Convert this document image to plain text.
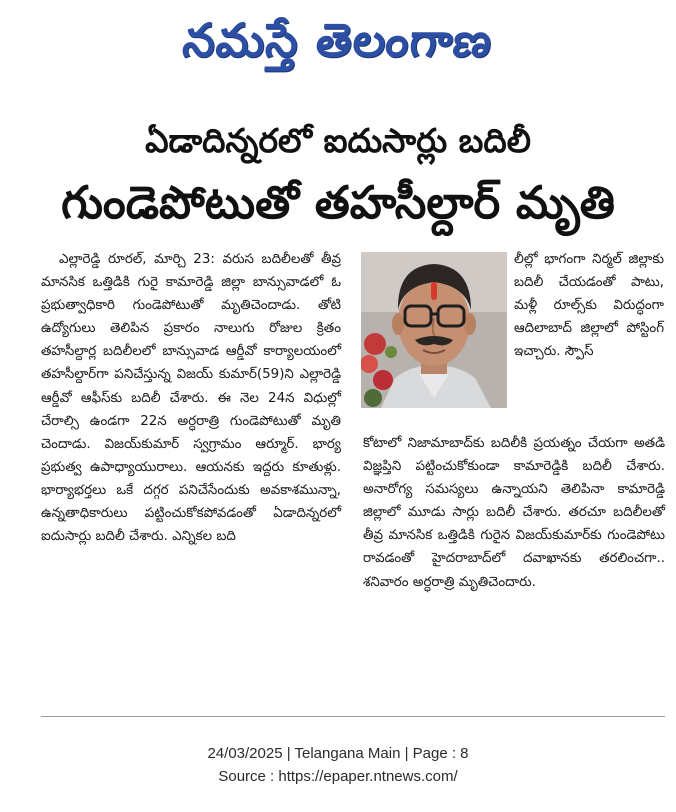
నమస్తే తెలంగాణ
ఏడాదిన్నరలో ఐదుసార్లు బదిలీ
గుండెపోటుతో తహసీల్దార్ మృతి

ఎల్లారెడ్డి రూరల్, మార్చి 23: వరుస బదిలీలతో తీవ్ర మానసిక ఒత్తిడికి గురై కామారెడ్డి జిల్లా బాన్సువాడలో ఓ ప్రభుత్వాధికారి గుండెపోటుతో మృతిచెందాడు. తోటి ఉద్యోగులు తెలిపిన ప్రకారం నాలుగు రోజుల క్రితం తహసీల్దార్ల బదిలీలలో బాన్సువాడ ఆర్డీవో కార్యాలయంలో తహసీల్దార్‌గా పనిచేస్తున్న విజయ్ కుమార్(59)ని ఎల్లారెడ్డి ఆర్డీవో ఆఫీస్‌కు బదిలీ చేశారు. ఈ నెల 24న విధుల్లో చేరాల్సి ఉండగా 22న అర్ధరాత్రి గుండెపోటుతో మృతి చెందాడు. విజయ్‌కుమార్ స్వగ్రామం ఆర్మూర్. భార్య ప్రభుత్వ ఉపాధ్యాయురాలు. ఆయనకు ఇద్దరు కూతుళ్లు. భార్యాభర్తలు ఒకే దగ్గర పనిచేసేందుకు అవకాశమున్నా, ఉన్నతాధికారులు పట్టించుకోకపోవడంతో ఏడాదిన్నరలో ఐదుసార్లు బదిలీ చేశారు. ఎన్నికల బది

లీల్లో భాగంగా నిర్మల్ జిల్లాకు బదిలీ చేయడంతో పాటు, మళ్లీ రూల్స్‌కు విరుద్ధంగా ఆదిలాబాద్ జిల్లాలో పోస్టింగ్ ఇచ్చారు. స్పౌస్
కోటాలో నిజామాబాద్‌కు బదిలీకి ప్రయత్నం చేయగా అతడి విజ్ఞప్తిని పట్టించుకోకుండా కామారెడ్డికి బదిలీ చేశారు. అనారోగ్య సమస్యలు ఉన్నాయని తెలిపినా కామారెడ్డి జిల్లాలో మూడు సార్లు బదిలీ చేశారు. తరచూ బదిలీలతో తీవ్ర మానసిక ఒత్తిడికి గురైన విజయ్‌కుమార్‌కు గుండెపోటు రావడంతో హైదరాబాద్‌లో దవాఖానకు తరలించగా.. శనివారం అర్ధరాత్రి మృతిచెందారు.
24/03/2025 | Telangana Main | Page : 8
Source : https://epaper.ntnews.com/
